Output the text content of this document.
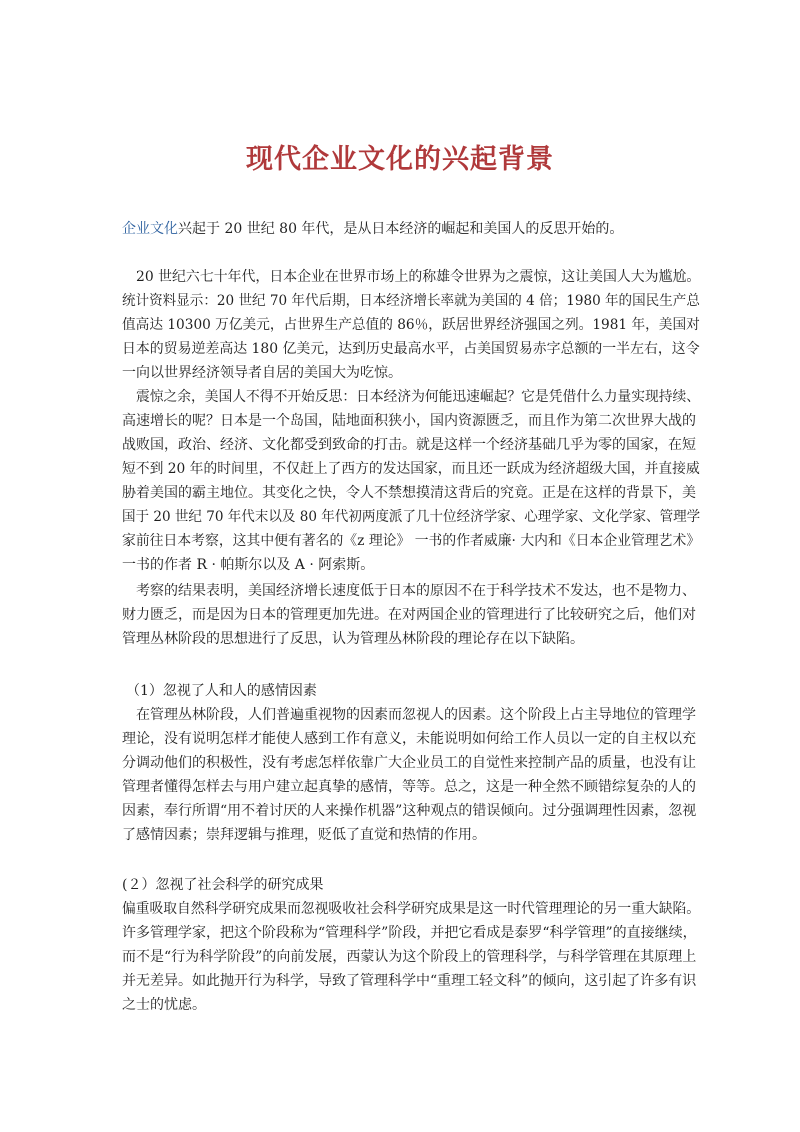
现代企业文化的兴起背景
企业文化兴起于 20 世纪 80 年代，是从日本经济的崛起和美国人的反思开始的。
20 世纪六七十年代，日本企业在世界市场上的称雄令世界为之震惊，这让美国人大为尴尬。
统计资料显示：20 世纪 70 年代后期，日本经济增长率就为美国的 4 倍；1980 年的国民生产总
值高达 10300 万亿美元，占世界生产总值的 86％，跃居世界经济强国之列。1981 年，美国对
日本的贸易逆差高达 180 亿美元，达到历史最高水平，占美国贸易赤字总额的一半左右，这令
一向以世界经济领导者自居的美国大为吃惊。
震惊之余，美国人不得不开始反思：日本经济为何能迅速崛起？它是凭借什么力量实现持续、
高速增长的呢？日本是一个岛国，陆地面积狭小，国内资源匮乏，而且作为第二次世界大战的
战败国，政治、经济、文化都受到致命的打击。就是这样一个经济基础几乎为零的国家，在短
短不到 20 年的时间里，不仅赶上了西方的发达国家，而且还一跃成为经济超级大国，并直接威
胁着美国的霸主地位。其变化之快，令人不禁想摸清这背后的究竟。正是在这样的背景下，美
国于 20 世纪 70 年代末以及 80 年代初两度派了几十位经济学家、心理学家、文化学家、管理学
家前往日本考察，这其中便有著名的《z 理论》 一书的作者威廉· 大内和《日本企业管理艺术》
一书的作者 R · 帕斯尔以及 A · 阿索斯。
考察的结果表明，美国经济增长速度低于日本的原因不在于科学技术不发达，也不是物力、
财力匮乏，而是因为日本的管理更加先进。在对两国企业的管理进行了比较研究之后，他们对
管理丛林阶段的思想进行了反思，认为管理丛林阶段的理论存在以下缺陷。
（1）忽视了人和人的感情因素
在管理丛林阶段，人们普遍重视物的因素而忽视人的因素。这个阶段上占主导地位的管理学
理论，没有说明怎样才能使人感到工作有意义，未能说明如何给工作人员以一定的自主权以充
分调动他们的积极性，没有考虑怎样依靠广大企业员工的自觉性来控制产品的质量，也没有让
管理者懂得怎样去与用户建立起真挚的感情，等等。总之，这是一种全然不顾错综复杂的人的
因素，奉行所谓“用不着讨厌的人来操作机器”这种观点的错误倾向。过分强调理性因素，忽视
了感情因素；崇拜逻辑与推理，贬低了直觉和热情的作用。
(２）忽视了社会科学的研究成果
偏重吸取自然科学研究成果而忽视吸收社会科学研究成果是这一时代管理理论的另一重大缺陷。
许多管理学家，把这个阶段称为“管理科学”阶段，并把它看成是泰罗“科学管理”的直接继续，
而不是“行为科学阶段”的向前发展，西蒙认为这个阶段上的管理科学，与科学管理在其原理上
并无差异。如此抛开行为科学，导致了管理科学中“重理工轻文科”的倾向，这引起了许多有识
之士的忧虑。
